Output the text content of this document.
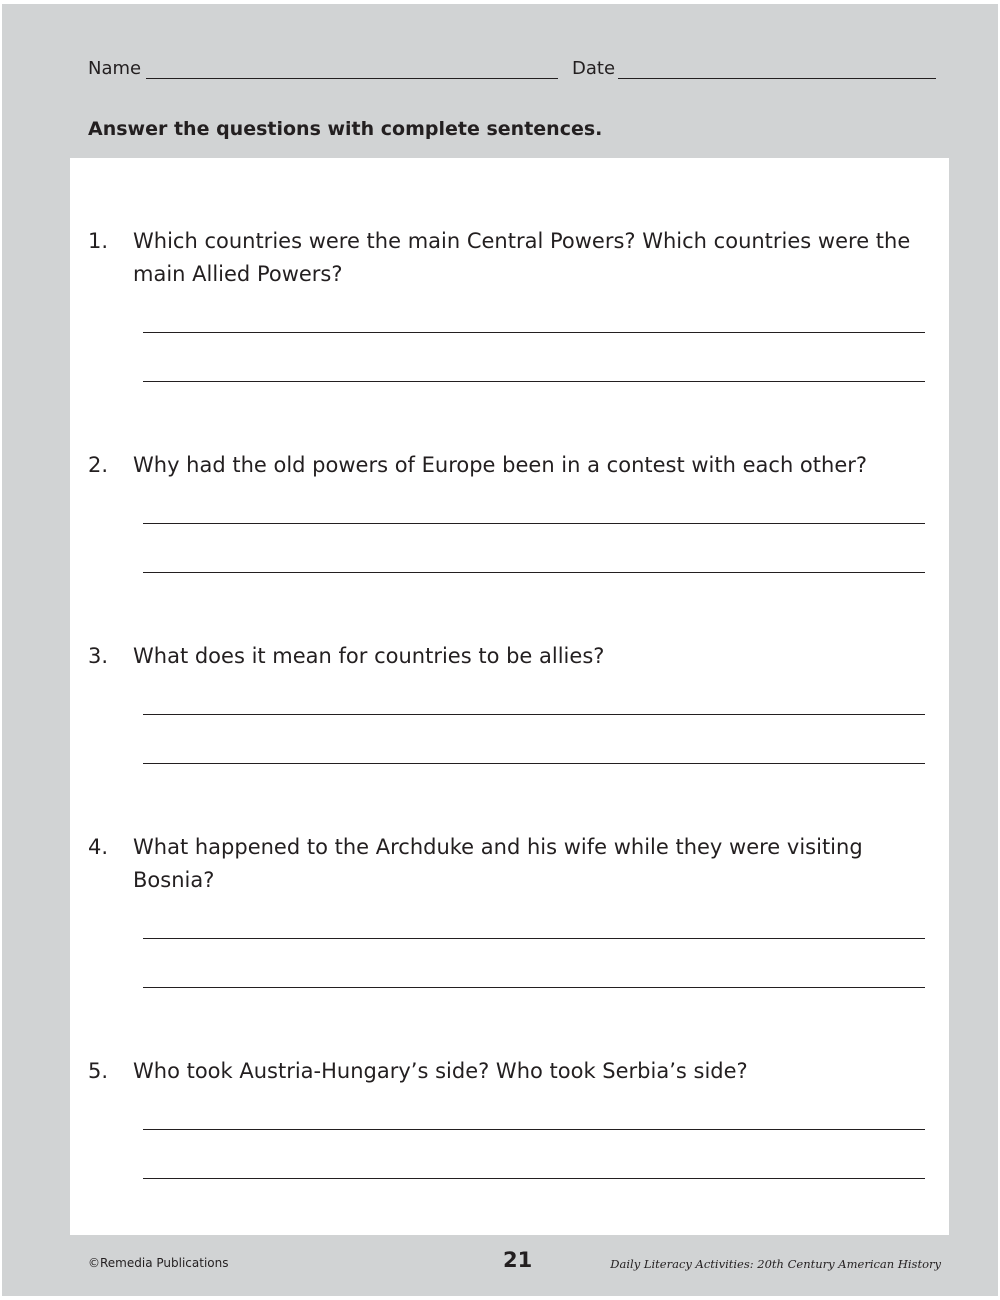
Name	Date
Answer the questions with complete sentences.
1. Which countries were the main Central Powers? Which countries were the main Allied Powers?
2. Why had the old powers of Europe been in a contest with each other?
3. What does it mean for countries to be allies?
4. What happened to the Archduke and his wife while they were visiting Bosnia?
5. Who took Austria-Hungary’s side? Who took Serbia’s side?
©Remedia Publications	21	Daily Literacy Activities: 20th Century American History
